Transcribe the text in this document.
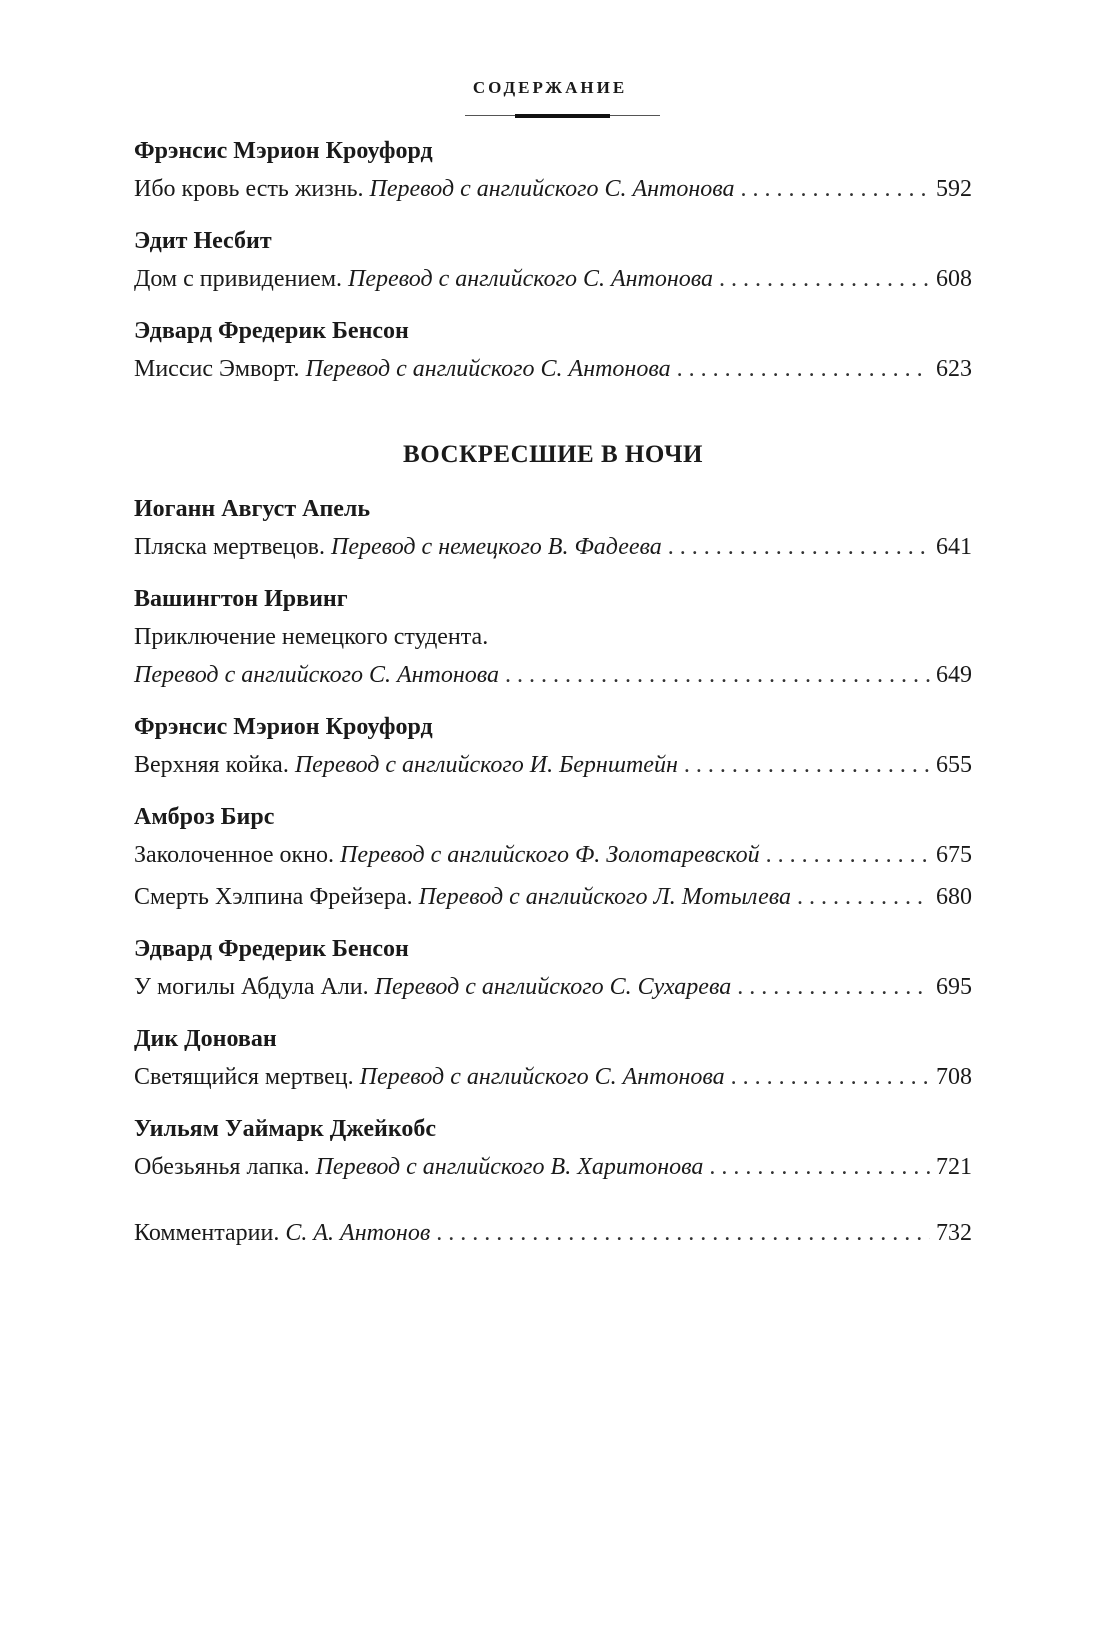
СОДЕРЖАНИЕ
Фрэнсис Мэрион Кроуфорд
Ибо кровь есть жизнь.
Перевод с английского С. Антонова . . .	592
Эдит Несбит
Дом с привидением.
Перевод с английского С. Антонова . . .	608
Эдвард Фредерик Бенсон
Миссис Эмворт.
Перевод с английского С. Антонова . . .	623
ВОСКРЕСШИЕ В НОЧИ
Иоганн Август Апель
Пляска мертвецов.
Перевод с немецкого В. Фадеева . . .	641
Вашингтон Ирвинг
Приключение немецкого студента.
Перевод с английского С. Антонова . . .	649
Фрэнсис Мэрион Кроуфорд
Верхняя койка.
Перевод с английского И. Бернштейн . . .	655
Амброз Бирс
Заколоченное окно.
Перевод с английского Ф. Золотаревской . . .	675
Смерть Хэлпина Фрейзера.
Перевод с английского Л. Мотылева . . .	680
Эдвард Фредерик Бенсон
У могилы Абдула Али.
Перевод с английского С. Сухарева . . .	695
Дик Донован
Светящийся мертвец.
Перевод с английского С. Антонова . . .	708
Уильям Уаймарк Джейкобс
Обезьянья лапка.
Перевод с английского В. Харитонова . . .	721
Комментарии.
С. А. Антонов . . .	732
